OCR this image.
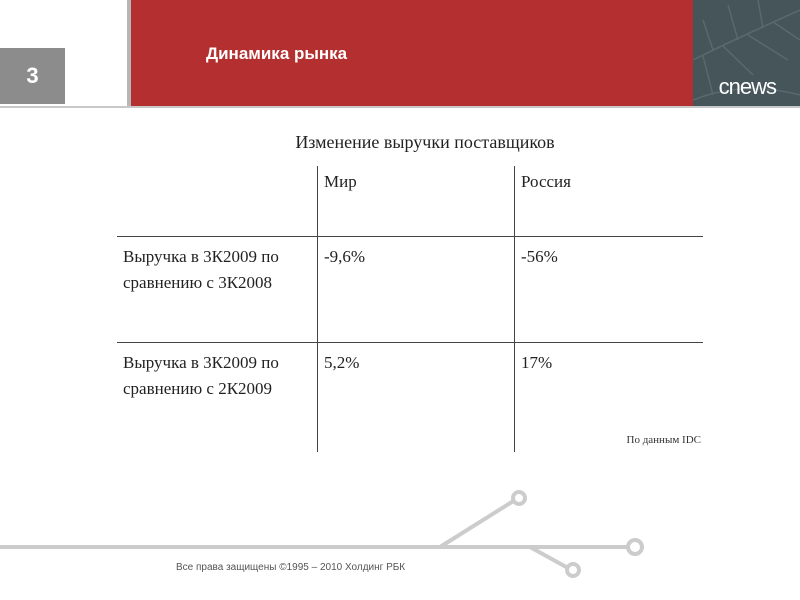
3
Динамика рынка
cnews
Изменение выручки поставщиков
	Мир	Россия
Выручка в 3К2009 по сравнению с 3К2008	-9,6%	-56%
Выручка в 3К2009 по сравнению с 2К2009	5,2%	17%
По данным IDC
Все права защищены ©1995 – 2010 Холдинг РБК
